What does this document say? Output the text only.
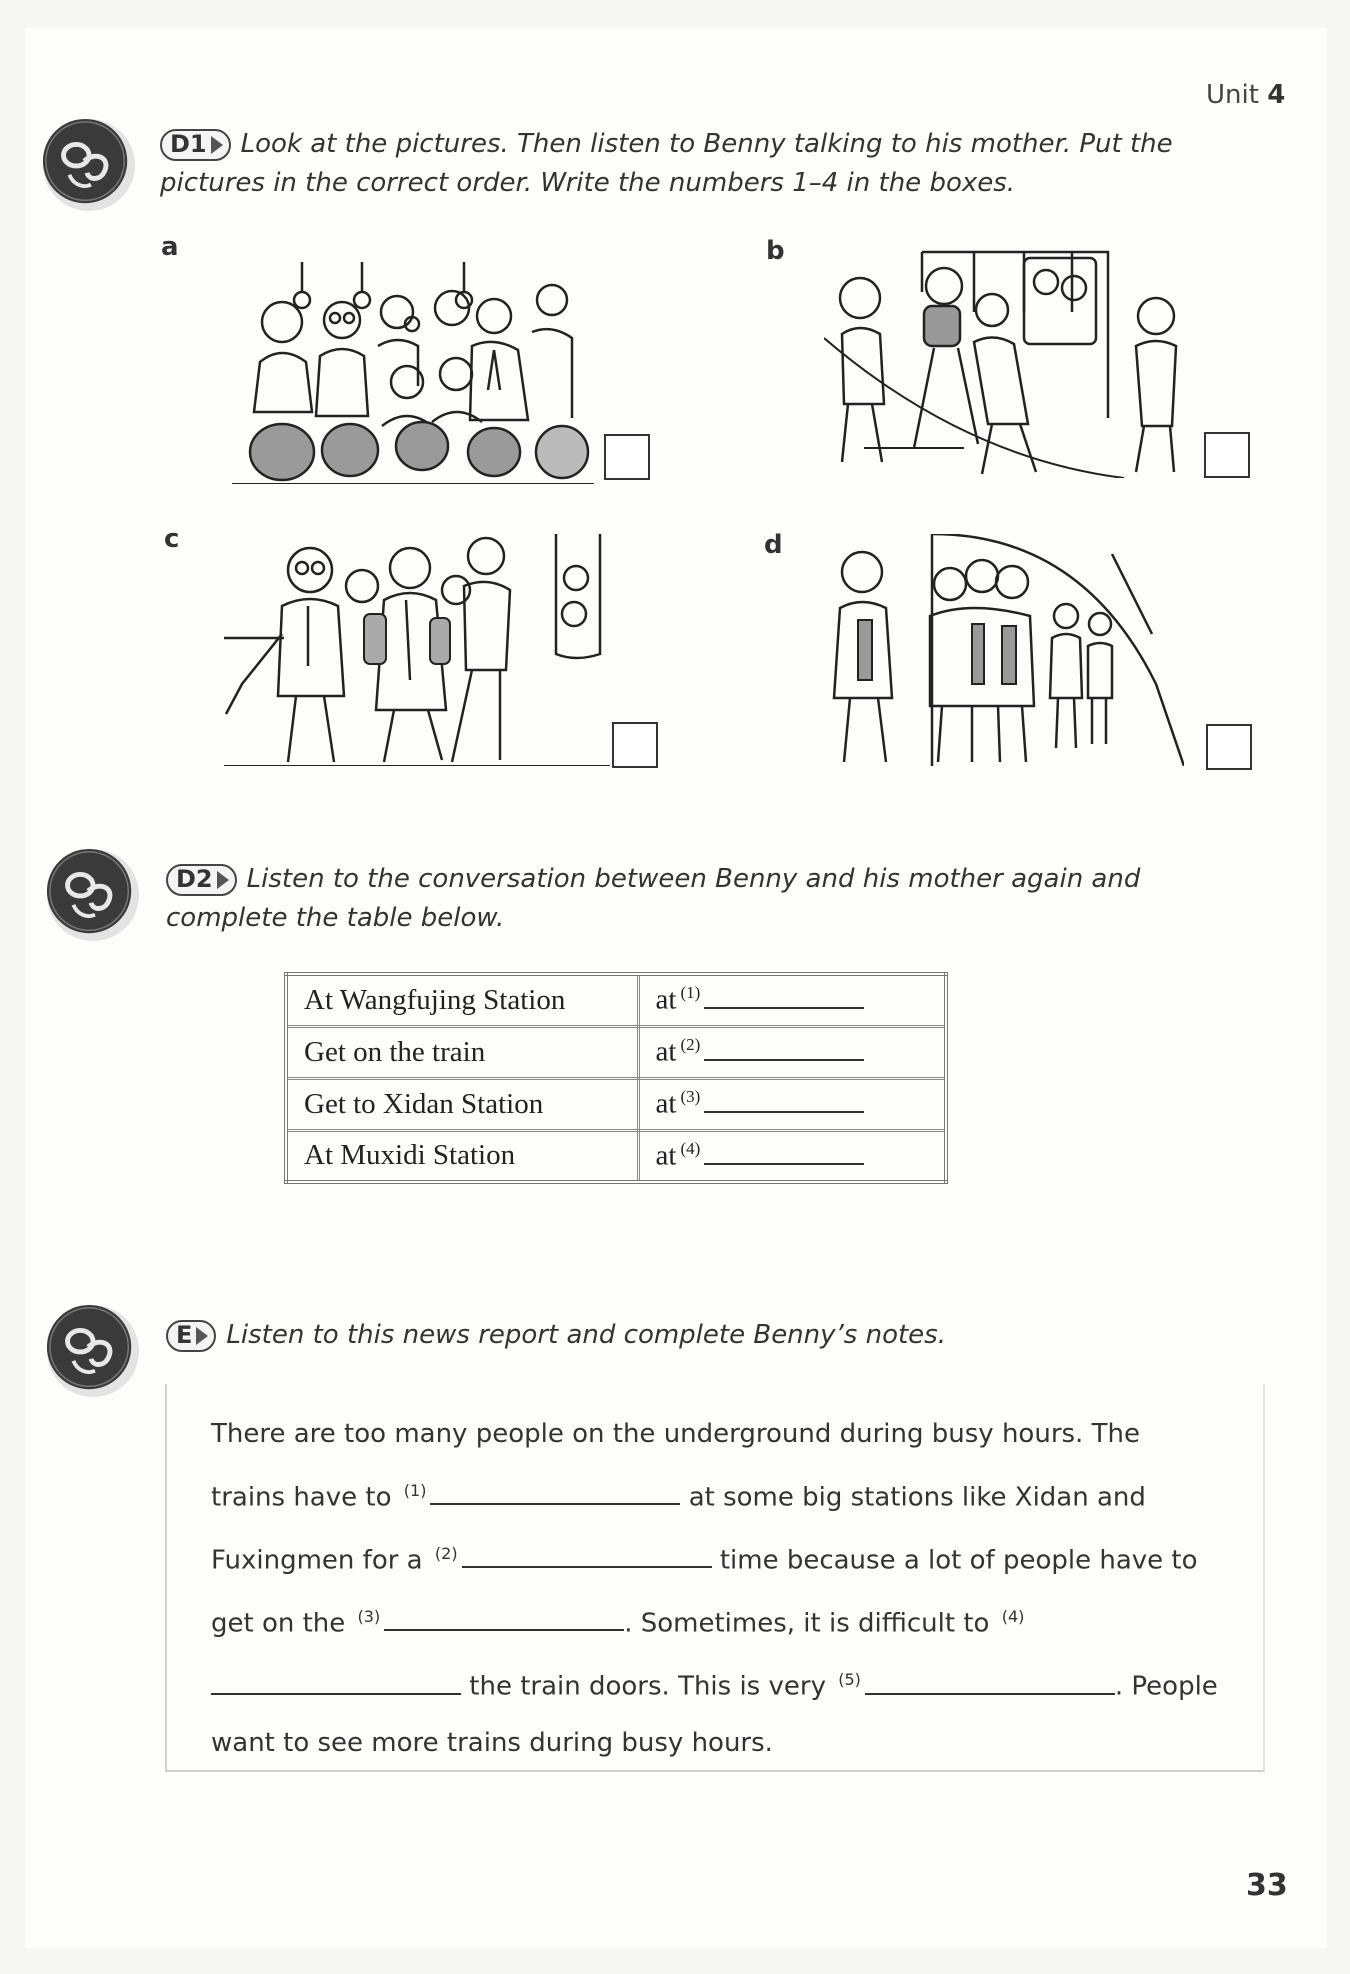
Unit 4
D1 Look at the pictures. Then listen to Benny talking to his mother. Put the pictures in the correct order. Write the numbers 1–4 in the boxes.
a	b
c	d
D2 Listen to the conversation between Benny and his mother again and complete the table below.
At Wangfujing Station	at $^{(1)}$
Get on the train	at $^{(2)}$
Get to Xidan Station	at $^{(3)}$
At Muxidi Station	at $^{(4)}$
E Listen to this news report and complete Benny’s notes.
There are too many people on the underground during busy hours. The trains have to $^{(1)}$	at some big stations like Xidan and Fuxingmen for a $^{(2)}$	time because a lot of people have to get on the $^{(3)}$	. Sometimes, it is difficult to $^{(4)}$ the train doors. This is very $^{(5)}$	. People want to see more trains during busy hours.
33
